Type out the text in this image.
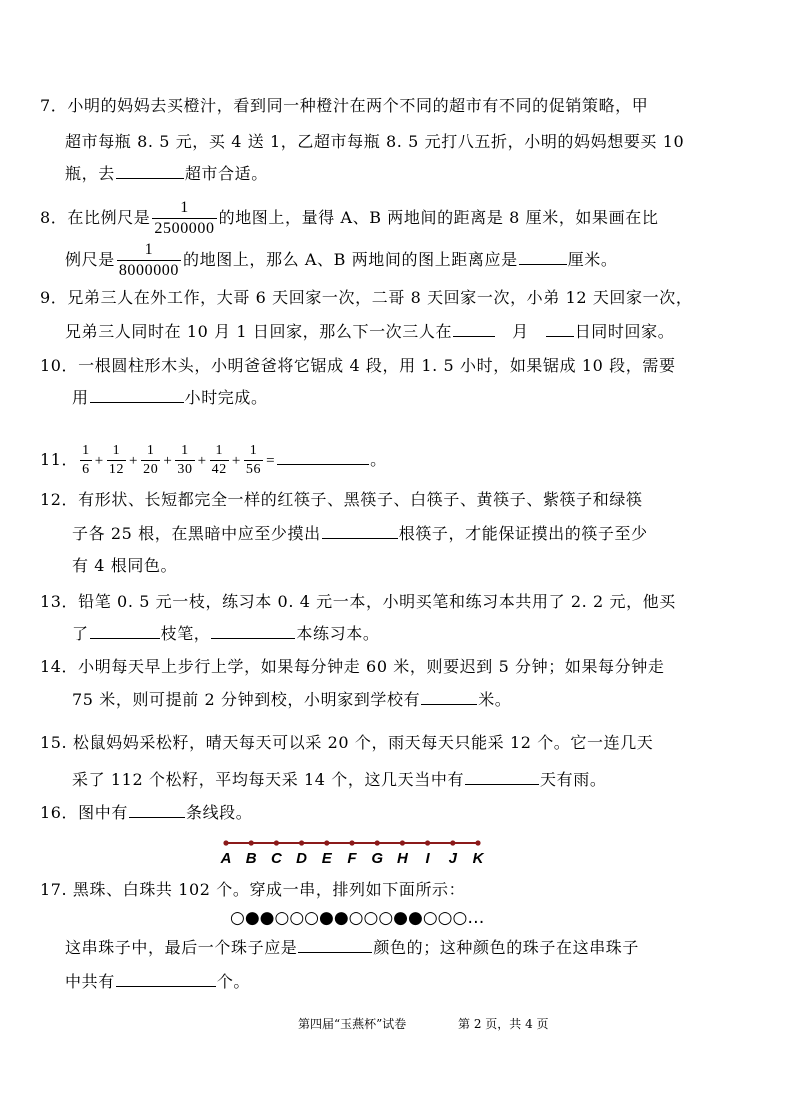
7．小明的妈妈去买橙汁，看到同一种橙汁在两个不同的超市有不同的促销策略，甲
超市每瓶 8. 5 元，买 4 送 1，乙超市每瓶 8. 5 元打八五折，小明的妈妈想要买 10
瓶，去	超市合适。
8．在比例尺是 $\frac{1}{2500000}$ 的地图上，量得 A、B 两地间的距离是 8 厘米，如果画在比
例尺是 $\frac{1}{8000000}$ 的地图上，那么 A、B 两地间的图上距离应是	厘米。
9．兄弟三人在外工作，大哥 6 天回家一次，二哥 8 天回家一次，小弟 12 天回家一次，
兄弟三人同时在 10 月 1 日回家，那么下一次三人在	月	日同时回家。
10．一根圆柱形木头，小明爸爸将它锯成 4 段，用 1. 5 小时，如果锯成 10 段，需要
用	小时完成。
11． $\frac{1}{6} + \frac{1}{12} + \frac{1}{20} + \frac{1}{30} + \frac{1}{42} + \frac{1}{56}$ =	。
12．有形状、长短都完全一样的红筷子、黑筷子、白筷子、黄筷子、紫筷子和绿筷
子各 25 根，在黑暗中应至少摸出	根筷子，才能保证摸出的筷子至少
有 4 根同色。
13．铅笔 0. 5 元一枝，练习本 0. 4 元一本，小明买笔和练习本共用了 2. 2 元，他买
了	枝笔，	本练习本。
14．小明每天早上步行上学，如果每分钟走 60 米，则要迟到 5 分钟；如果每分钟走
75 米，则可提前 2 分钟到校，小明家到学校有	米。
15. 松鼠妈妈采松籽，晴天每天可以采 20 个，雨天每天只能采 12 个。它一连几天
采了 112 个松籽，平均每天采 14 个，这几天当中有	天有雨。
16．图中有	条线段。
A B C D E F G H I J K
17. 黑珠、白珠共 102 个。穿成一串，排列如下面所示：
○●●○○○●●○○○●●○○○…
这串珠子中，最后一个珠子应是	颜色的；这种颜色的珠子在这串珠子
中共有	个。
第四届“玉燕杯”试卷	第 2 页，共 4 页
